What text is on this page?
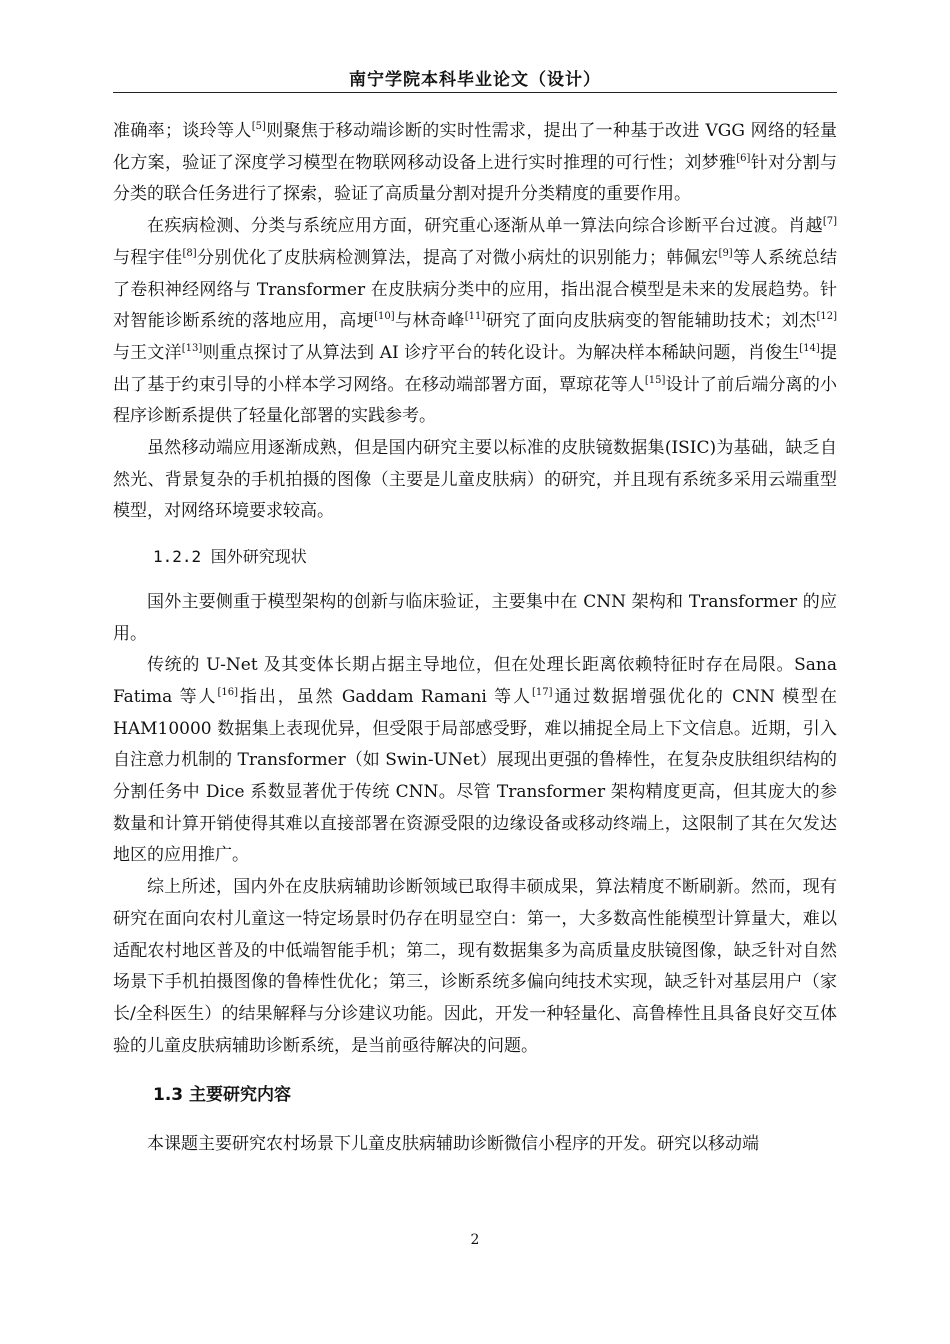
南宁学院本科毕业论文（设计）

准确率；谈玲等人[5]则聚焦于移动端诊断的实时性需求，提出了一种基于改进 VGG 网络的轻量化方案，验证了深度学习模型在物联网移动设备上进行实时推理的可行性；刘梦雅[6]针对分割与分类的联合任务进行了探索，验证了高质量分割对提升分类精度的重要作用。

在疾病检测、分类与系统应用方面，研究重心逐渐从单一算法向综合诊断平台过渡。肖越[7]与程宇佳[8]分别优化了皮肤病检测算法，提高了对微小病灶的识别能力；韩佩宏[9]等人系统总结了卷积神经网络与 Transformer 在皮肤病分类中的应用，指出混合模型是未来的发展趋势。针对智能诊断系统的落地应用，高埂[10]与林奇峰[11]研究了面向皮肤病变的智能辅助技术；刘杰[12]与王文洋[13]则重点探讨了从算法到 AI 诊疗平台的转化设计。为解决样本稀缺问题，肖俊生[14]提出了基于约束引导的小样本学习网络。在移动端部署方面，覃琼花等人[15]设计了前后端分离的小程序诊断系提供了轻量化部署的实践参考。

虽然移动端应用逐渐成熟，但是国内研究主要以标准的皮肤镜数据集(ISIC)为基础，缺乏自然光、背景复杂的手机拍摄的图像（主要是儿童皮肤病）的研究，并且现有系统多采用云端重型模型，对网络环境要求较高。

1.2.2 国外研究现状

国外主要侧重于模型架构的创新与临床验证，主要集中在 CNN 架构和 Transformer 的应用。

传统的 U-Net 及其变体长期占据主导地位，但在处理长距离依赖特征时存在局限。Sana Fatima 等人[16]指出，虽然 Gaddam Ramani 等人[17]通过数据增强优化的 CNN 模型在 HAM10000 数据集上表现优异，但受限于局部感受野，难以捕捉全局上下文信息。近期，引入自注意力机制的 Transformer（如 Swin-UNet）展现出更强的鲁棒性，在复杂皮肤组织结构的分割任务中 Dice 系数显著优于传统 CNN。尽管 Transformer 架构精度更高，但其庞大的参数量和计算开销使得其难以直接部署在资源受限的边缘设备或移动终端上，这限制了其在欠发达地区的应用推广。

综上所述，国内外在皮肤病辅助诊断领域已取得丰硕成果，算法精度不断刷新。然而，现有研究在面向农村儿童这一特定场景时仍存在明显空白：第一，大多数高性能模型计算量大，难以适配农村地区普及的中低端智能手机；第二，现有数据集多为高质量皮肤镜图像，缺乏针对自然场景下手机拍摄图像的鲁棒性优化；第三，诊断系统多偏向纯技术实现，缺乏针对基层用户（家长/全科医生）的结果解释与分诊建议功能。因此，开发一种轻量化、高鲁棒性且具备良好交互体验的儿童皮肤病辅助诊断系统，是当前亟待解决的问题。

1.3 主要研究内容

本课题主要研究农村场景下儿童皮肤病辅助诊断微信小程序的开发。研究以移动端

2
